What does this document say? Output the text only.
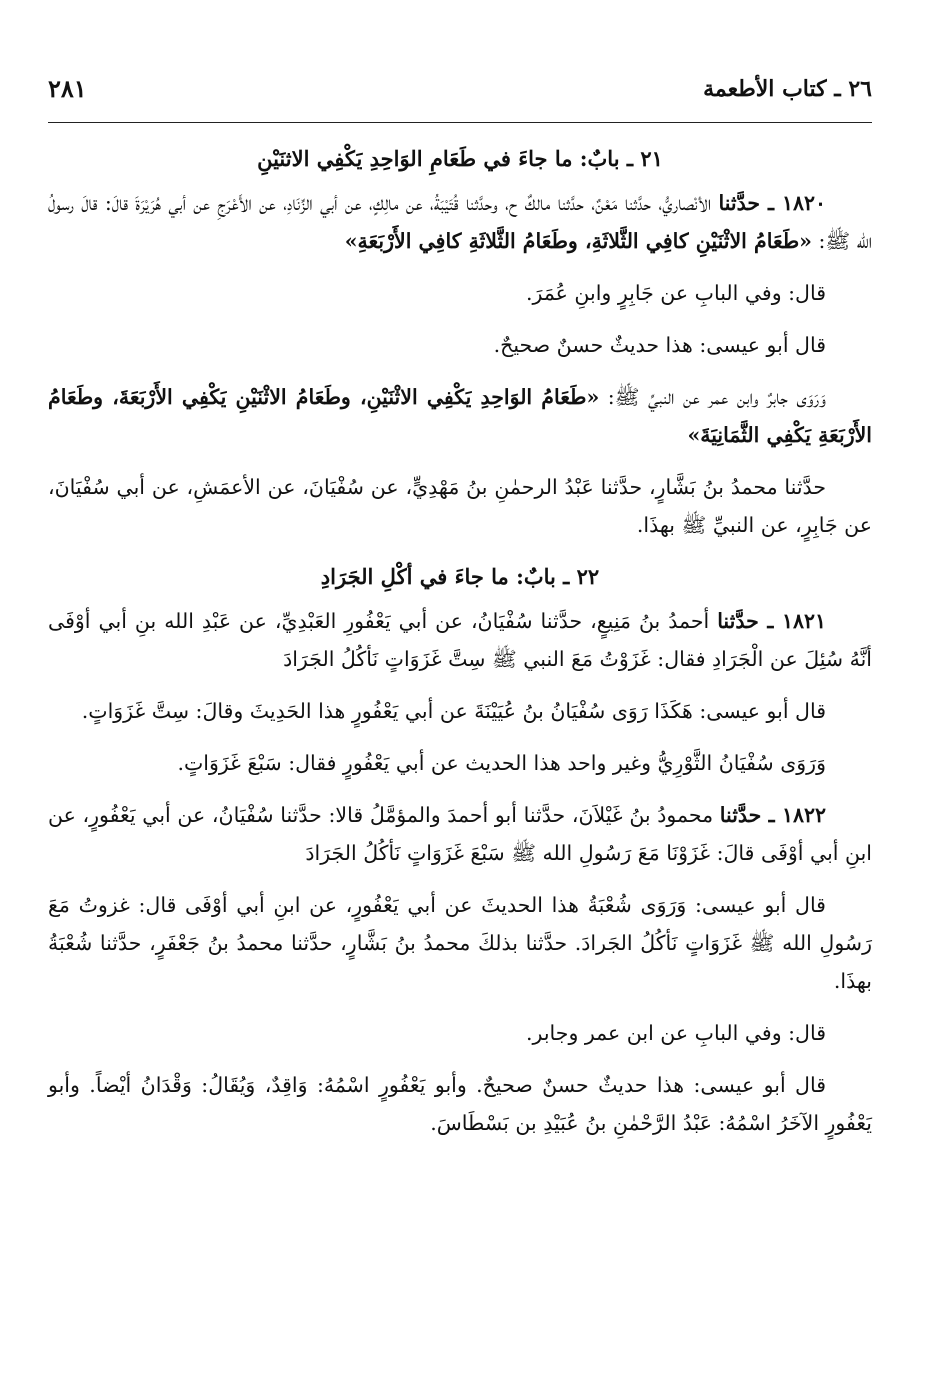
٢٦ ـ كتاب الأطعمة
٢٨١
٢١ ـ بابٌ: ما جاءَ في طَعَامِ الوَاحِدِ يَكْفِي الاثنَيْنِ

١٨٢٠ ـ حدَّثنا الأنْصاريُّ، حدَّثنا مَعْنٌ، حدَّثنا مالكٌ ح، وحدَّثنا قُتَيْبَةُ، عن مالِكٍ، عن أبي الزِّنَادِ، عن الأَعْرَجِ عن أبي هُرَيْرَةَ قالَ: قالَ رسولُ الله ﷺ: «طَعَامُ الاثْنَيْنِ كافِي الثَّلاثَةِ، وطَعَامُ الثَّلاثَةِ كافِي الأَرْبَعَةِ»

قال: وفي البابِ عن جَابِرٍ وابنِ عُمَرَ.

قال أبو عيسى: هذا حديثٌ حسنٌ صحيحٌ.

وَرَوَى جابرٌ وابن عمر عن النبيِّ ﷺ: «طَعَامُ الوَاحِدِ يَكْفِي الاثْنَيْنِ، وطَعَامُ الاثْنَيْنِ يَكْفِي الأَرْبَعَةَ، وطَعَامُ الأَرْبَعَةِ يَكْفِي الثَّمَانِيَةَ»

حدَّثنا محمدُ بنُ بَشَّارٍ، حدَّثنا عَبْدُ الرحمٰنِ بنُ مَهْدِيٍّ، عن سُفْيَانَ، عن الأعمَشِ، عن أبي سُفْيَانَ، عن جَابِرٍ، عن النبيِّ ﷺ بهذَا.

٢٢ ـ بابٌ: ما جاءَ في أكْلِ الجَرَادِ

١٨٢١ ـ حدَّثنا أحمدُ بنُ مَنِيعٍ، حدَّثنا سُفْيَانُ، عن أبي يَعْفُورِ العَبْدِيِّ، عن عَبْدِ الله بنِ أبي أوْفَى أنَّهُ سُئِلَ عن الْجَرَادِ فقال: غَزَوْتُ مَعَ النبي ﷺ سِتَّ غَزَوَاتٍ نَأكُلُ الجَرَادَ

قال أبو عيسى: هَكَذَا رَوَى سُفْيَانُ بنُ عُيَيْنَةَ عن أبي يَعْفُورٍ هذا الحَدِيثَ وقالَ: سِتَّ غَزَوَاتٍ.

وَرَوَى سُفْيَانُ الثَّوْرِيُّ وغير واحد هذا الحديث عن أبي يَعْفُورٍ فقال: سَبْعَ غَزَوَاتٍ.

١٨٢٢ ـ حدَّثنا محمودُ بنُ غَيْلاَنَ، حدَّثنا أبو أحمدَ والمؤمَّلُ قالا: حدَّثنا سُفْيَانُ، عن أبي يَعْفُورٍ، عن ابنِ أبي أوْفَى قالَ: غَزَوْنَا مَعَ رَسُولِ الله ﷺ سَبْعَ غَزَوَاتٍ نَأكُلُ الجَرَادَ

قال أبو عيسى: وَرَوَى شُعْبَةُ هذا الحديثَ عن أبي يَعْفُورٍ، عن ابنِ أبي أوْفَى قال: غزوتُ مَعَ رَسُولِ الله ﷺ غَزَوَاتٍ نَأكُلُ الجَرادَ. حدَّثنا بذلكَ محمدُ بنُ بَشَّارٍ، حدَّثنا محمدُ بنُ جَعْفَرٍ، حدَّثنا شُعْبَةُ بهذَا.

قال: وفي البابِ عن ابن عمر وجابر.

قال أبو عيسى: هذا حديثٌ حسنٌ صحيحٌ. وأبو يَعْفُورٍ اسْمُهُ: وَاقِدٌ، وَيُقَالُ: وَقْدَانُ أيْضاً. وأبو يَعْفُورٍ الآخَرُ اسْمُهُ: عَبْدُ الرَّحْمٰنِ بنُ عُبَيْدِ بن بَسْطَاسَ.
